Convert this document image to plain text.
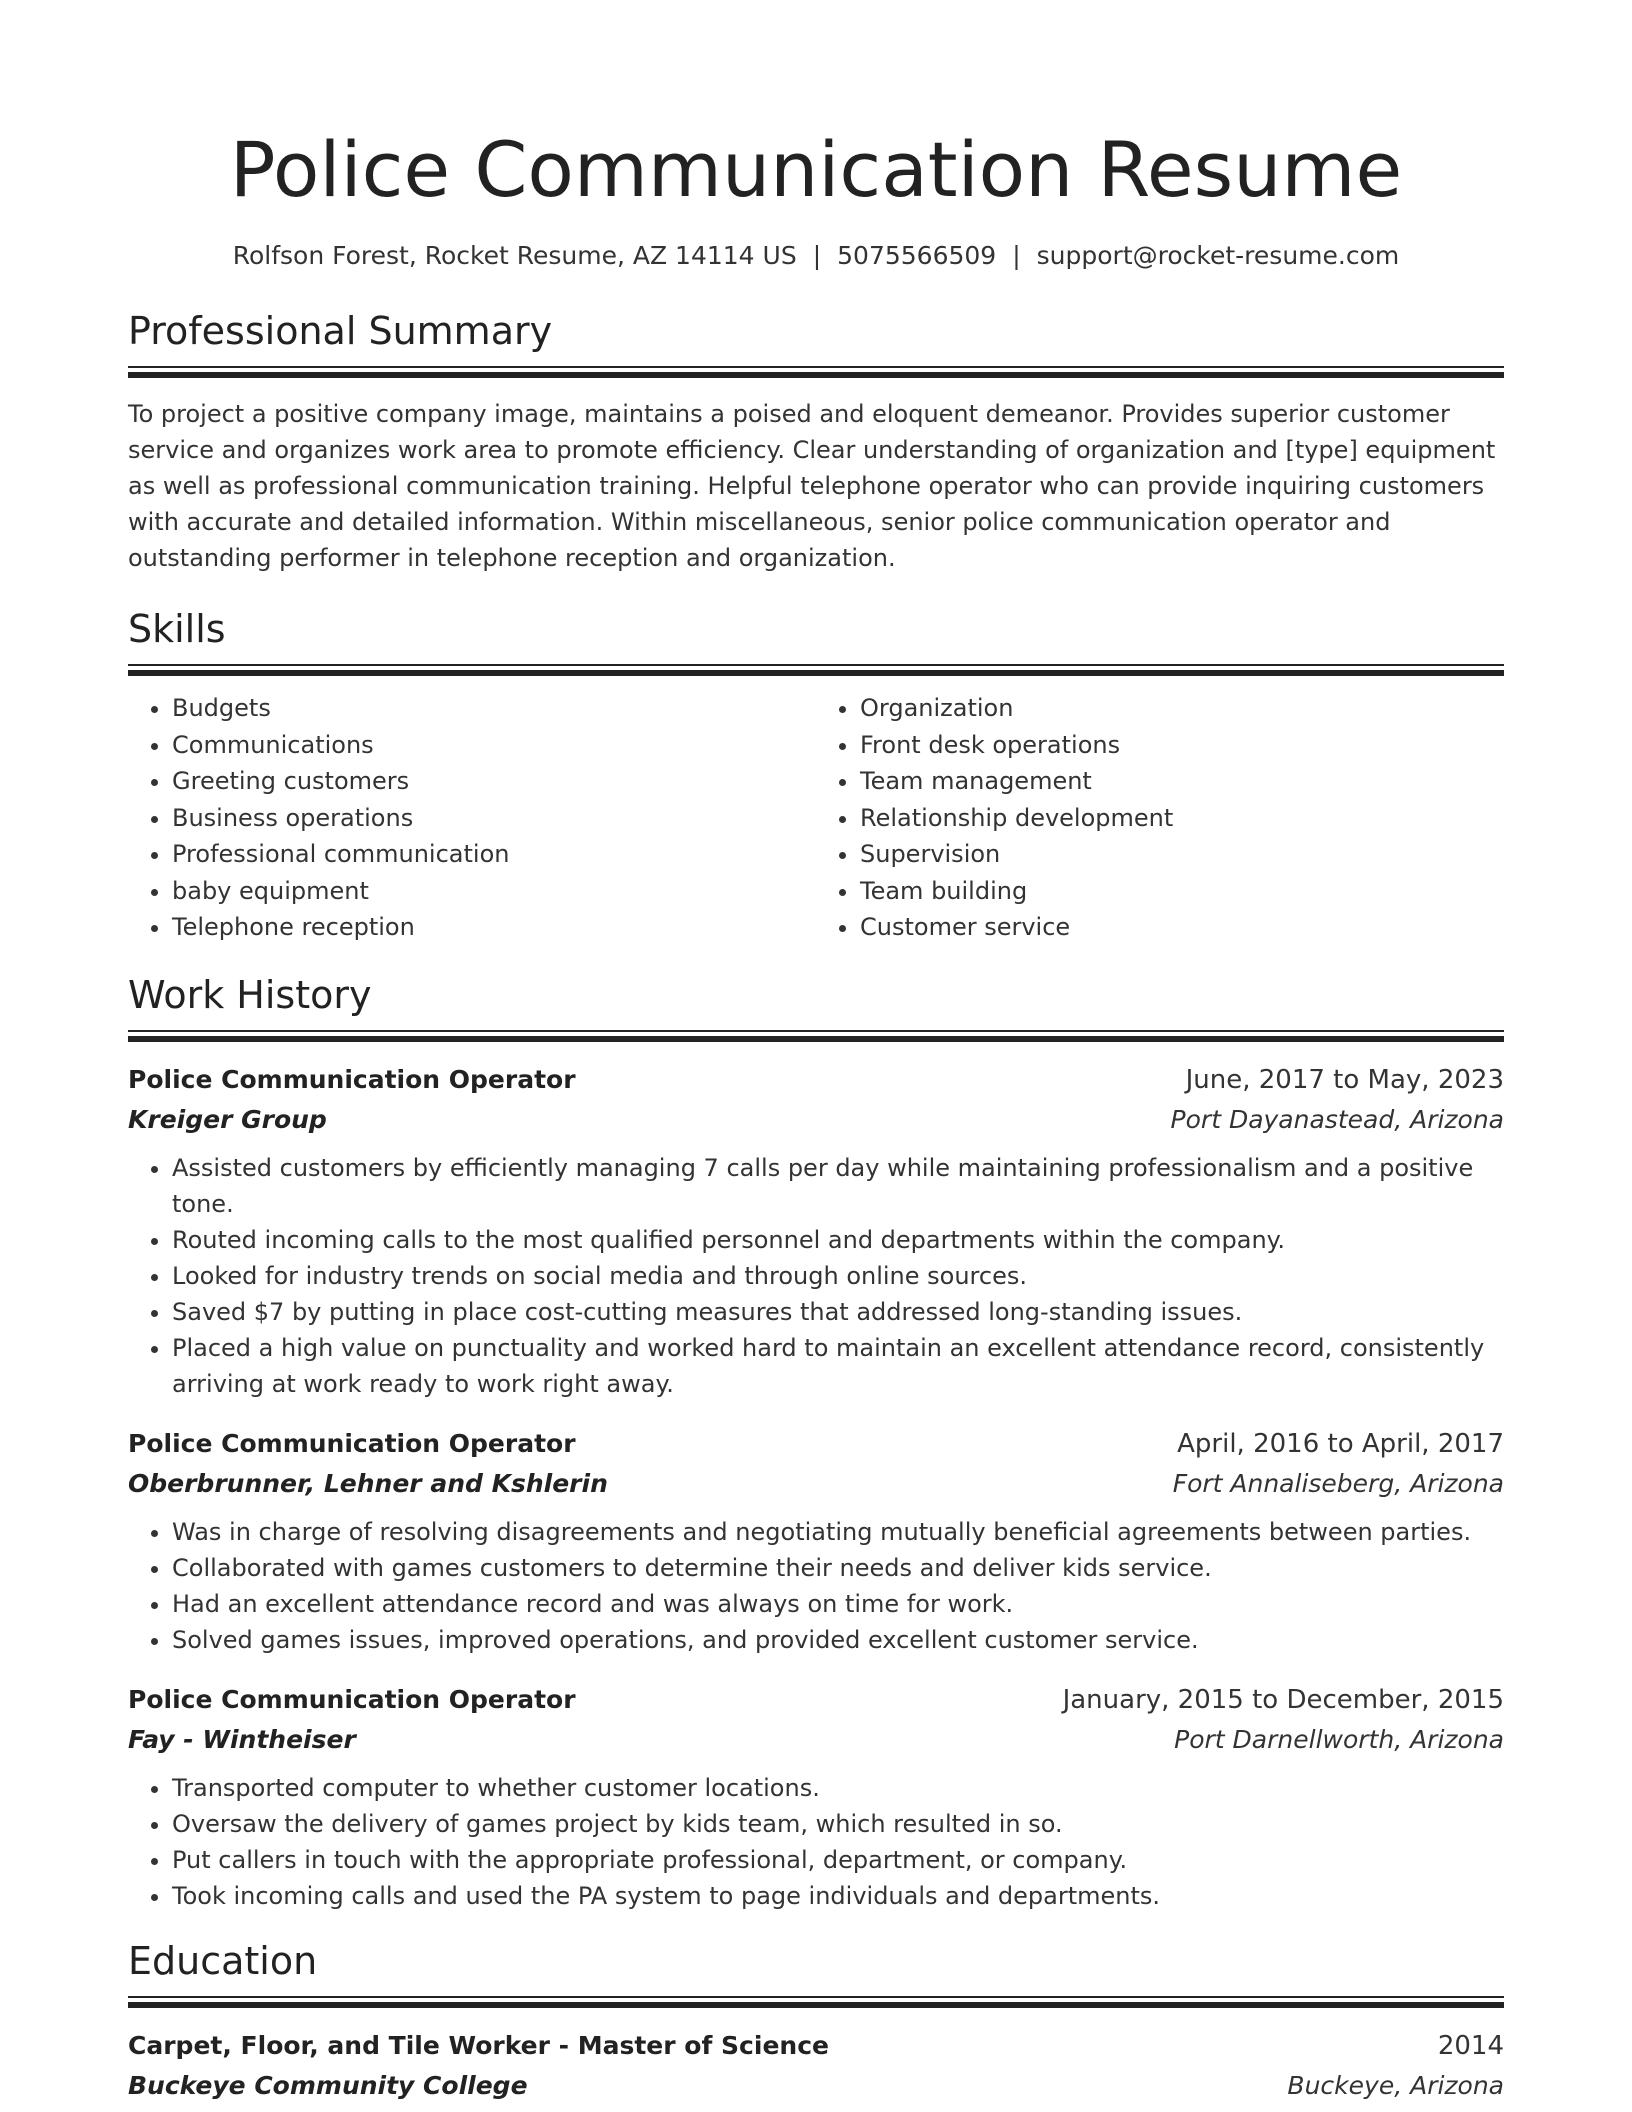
Police Communication Resume
Rolfson Forest, Rocket Resume, AZ 14114 US | 5075566509 | support@rocket-resume.com
Professional Summary

To project a positive company image, maintains a poised and eloquent demeanor. Provides superior customer service and organizes work area to promote efficiency. Clear understanding of organization and [type] equipment as well as professional communication training. Helpful telephone operator who can provide inquiring customers with accurate and detailed information. Within miscellaneous, senior police communication operator and outstanding performer in telephone reception and organization.

Skills
• Budgets
• Communications
• Greeting customers
• Business operations
• Professional communication
• baby equipment
• Telephone reception
• Organization
• Front desk operations
• Team management
• Relationship development
• Supervision
• Team building
• Customer service
Work History
Police Communication Operator	June, 2017 to May, 2023
Kreiger Group	Port Dayanastead, Arizona
• Assisted customers by efficiently managing 7 calls per day while maintaining professionalism and a positive tone.
• Routed incoming calls to the most qualified personnel and departments within the company.
• Looked for industry trends on social media and through online sources.
• Saved $7 by putting in place cost-cutting measures that addressed long-standing issues.
• Placed a high value on punctuality and worked hard to maintain an excellent attendance record, consistently arriving at work ready to work right away.
Police Communication Operator	April, 2016 to April, 2017
Oberbrunner, Lehner and Kshlerin	Fort Annaliseberg, Arizona
• Was in charge of resolving disagreements and negotiating mutually beneficial agreements between parties.
• Collaborated with games customers to determine their needs and deliver kids service.
• Had an excellent attendance record and was always on time for work.
• Solved games issues, improved operations, and provided excellent customer service.
Police Communication Operator	January, 2015 to December, 2015
Fay - Wintheiser	Port Darnellworth, Arizona
• Transported computer to whether customer locations.
• Oversaw the delivery of games project by kids team, which resulted in so.
• Put callers in touch with the appropriate professional, department, or company.
• Took incoming calls and used the PA system to page individuals and departments.
Education
Carpet, Floor, and Tile Worker - Master of Science	2014
Buckeye Community College	Buckeye, Arizona
